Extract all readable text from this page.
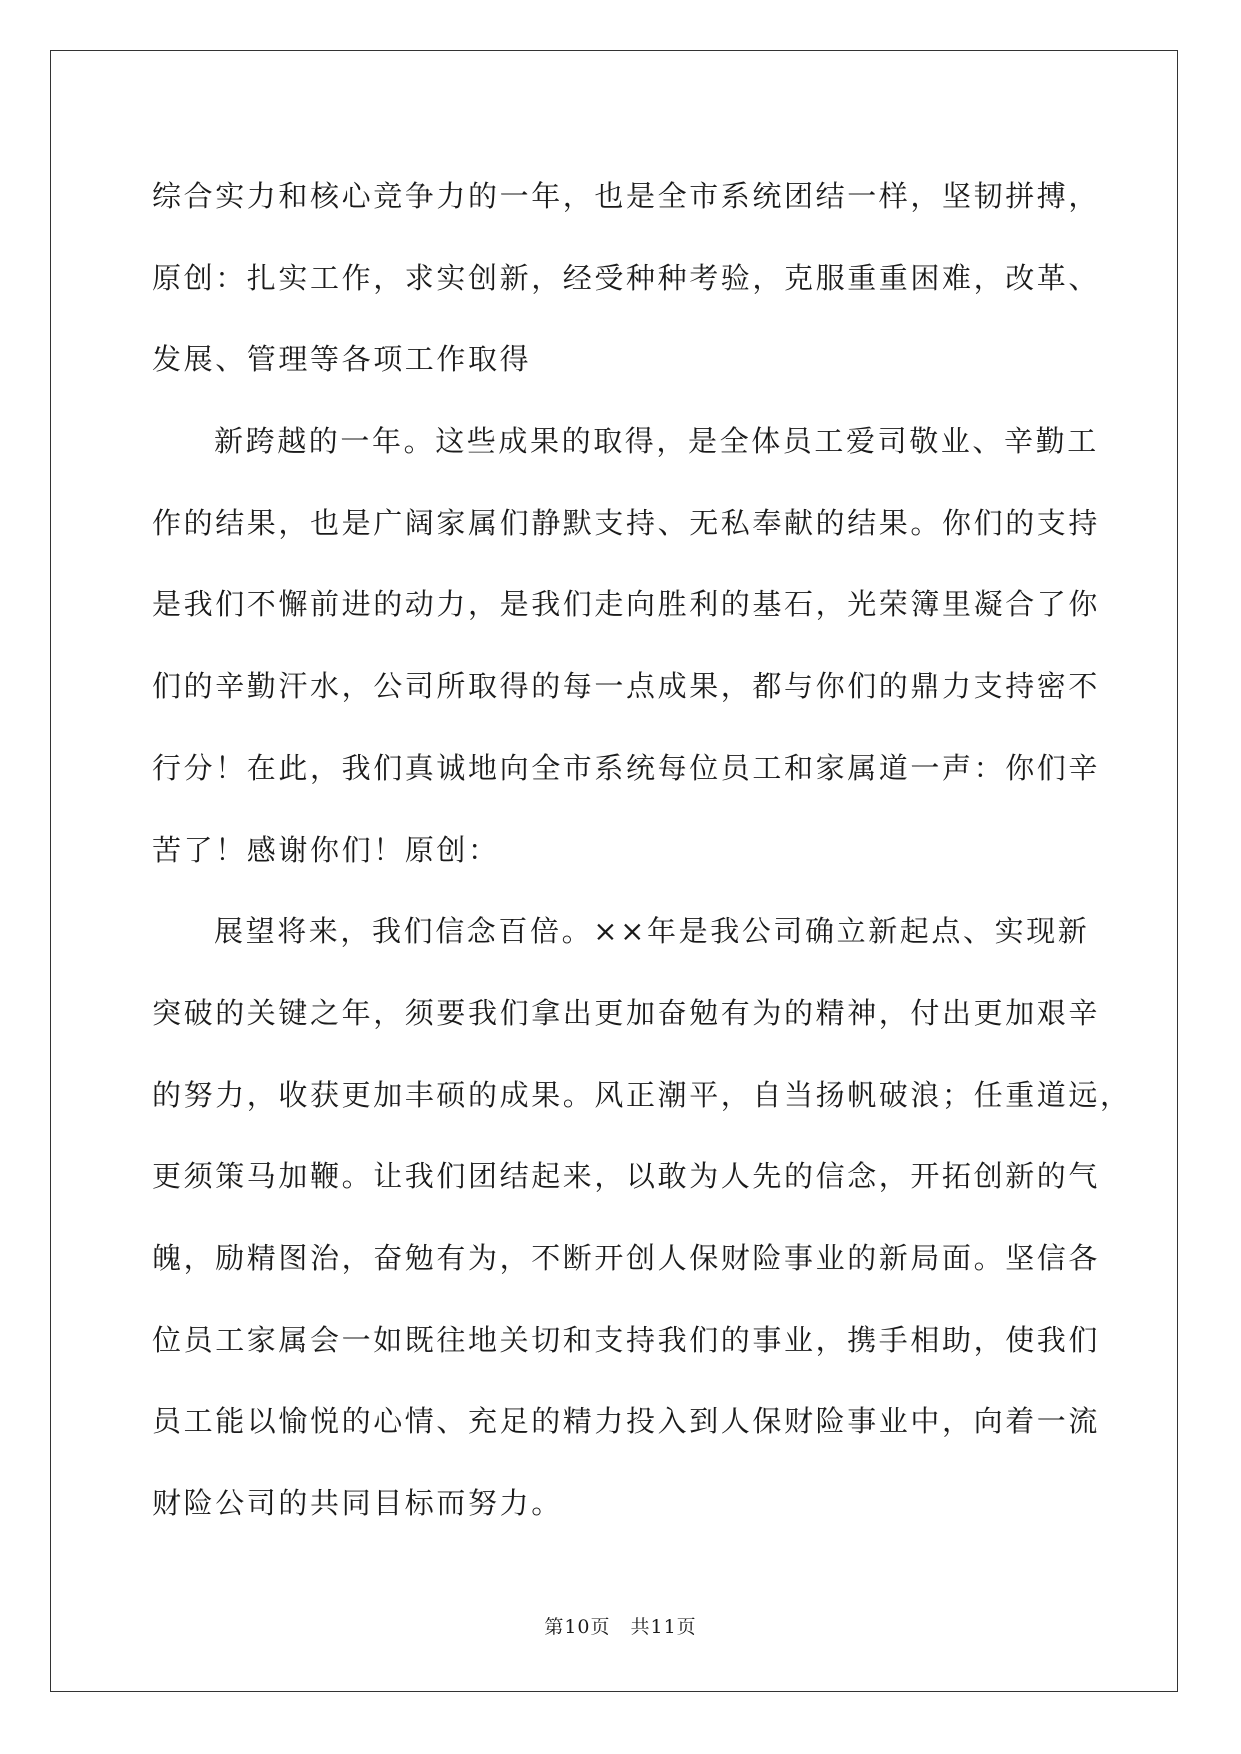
综合实力和核心竞争力的一年，也是全市系统团结一样，坚韧拼搏，
原创：扎实工作，求实创新，经受种种考验，克服重重困难，改革、
发展、管理等各项工作取得
新跨越的一年。这些成果的取得，是全体员工爱司敬业、辛勤工
作的结果，也是广阔家属们静默支持、无私奉献的结果。你们的支持
是我们不懈前进的动力，是我们走向胜利的基石，光荣簿里凝合了你
们的辛勤汗水，公司所取得的每一点成果，都与你们的鼎力支持密不
行分！在此，我们真诚地向全市系统每位员工和家属道一声：你们辛
苦了！感谢你们！原创：
展望将来，我们信念百倍。××年是我公司确立新起点、实现新
突破的关键之年，须要我们拿出更加奋勉有为的精神，付出更加艰辛
的努力，收获更加丰硕的成果。风正潮平，自当扬帆破浪；任重道远，
更须策马加鞭。让我们团结起来，以敢为人先的信念，开拓创新的气
魄，励精图治，奋勉有为，不断开创人保财险事业的新局面。坚信各
位员工家属会一如既往地关切和支持我们的事业，携手相助，使我们
员工能以愉悦的心情、充足的精力投入到人保财险事业中，向着一流
财险公司的共同目标而努力。
第10页　共11页
